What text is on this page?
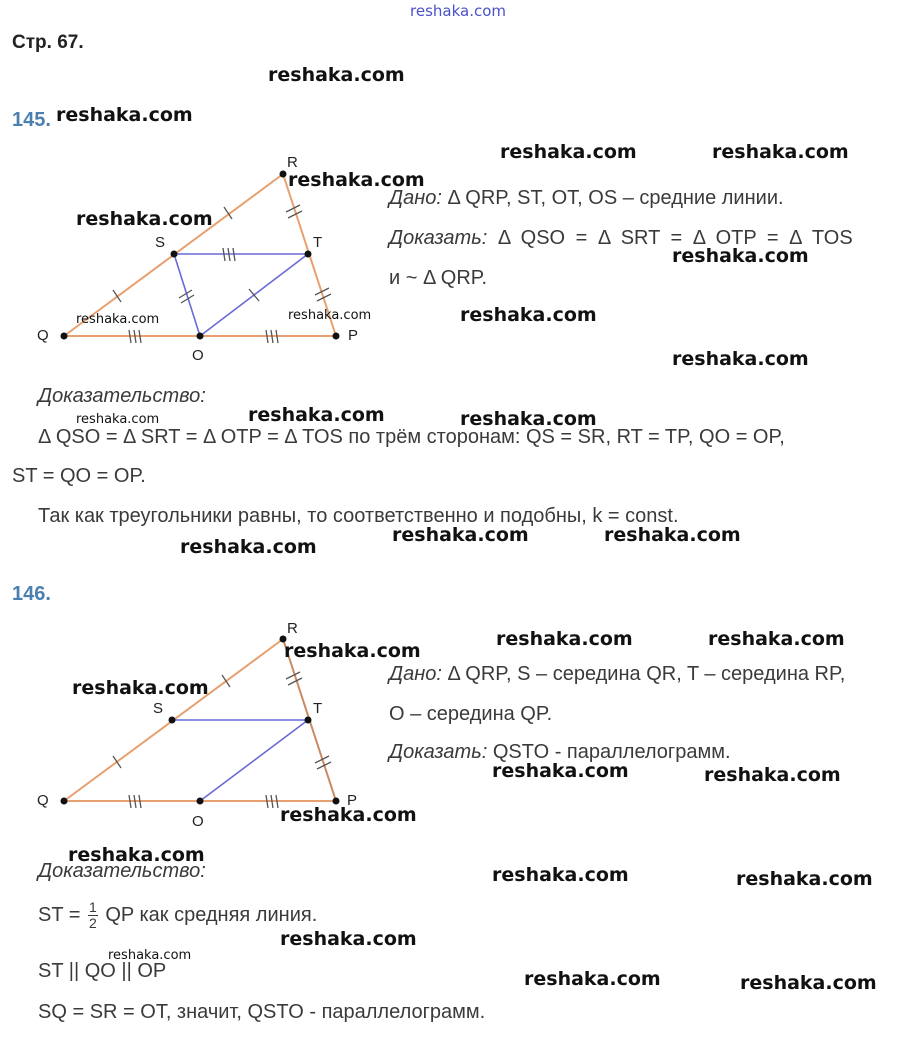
reshaka.com
Стр. 67.
145.
Q
R
P
S	T
O
Дано: Δ QRP, ST, OT, OS – средние линии.
Доказать: Δ QSO = Δ SRT = Δ OTP = Δ TOS
и ~ Δ QRP.
Доказательство:
Δ QSO = Δ SRT = Δ OTP = Δ TOS по трём сторонам: QS = SR, RT = TP, QO = OP,
ST = QO = OP.
Так как треугольники равны, то соответственно и подобны, k = const.
146.
Q
R
P
S	T
O
Дано: Δ QRP, S – середина QR, T – середина RP,
O – середина QP.
Доказать: QSTO - параллелограмм.
Доказательство:
ST = $\frac{1}{2}$ QP как средняя линия.
ST || QO || OP
SQ = SR = OT, значит, QSTO - параллелограмм.
reshaka.com
reshaka.com
reshaka.com	reshaka.com
reshaka.com
reshaka.com
reshaka.com
reshaka.com
reshaka.com	reshaka.com
reshaka.com
reshaka.com	reshaka.com
reshaka.com
reshaka.com	reshaka.com
reshaka.com
reshaka.com	reshaka.com
reshaka.com
reshaka.com
reshaka.com	reshaka.com
reshaka.com
reshaka.com
reshaka.com	reshaka.com
reshaka.com
reshaka.com
reshaka.com	reshaka.com
